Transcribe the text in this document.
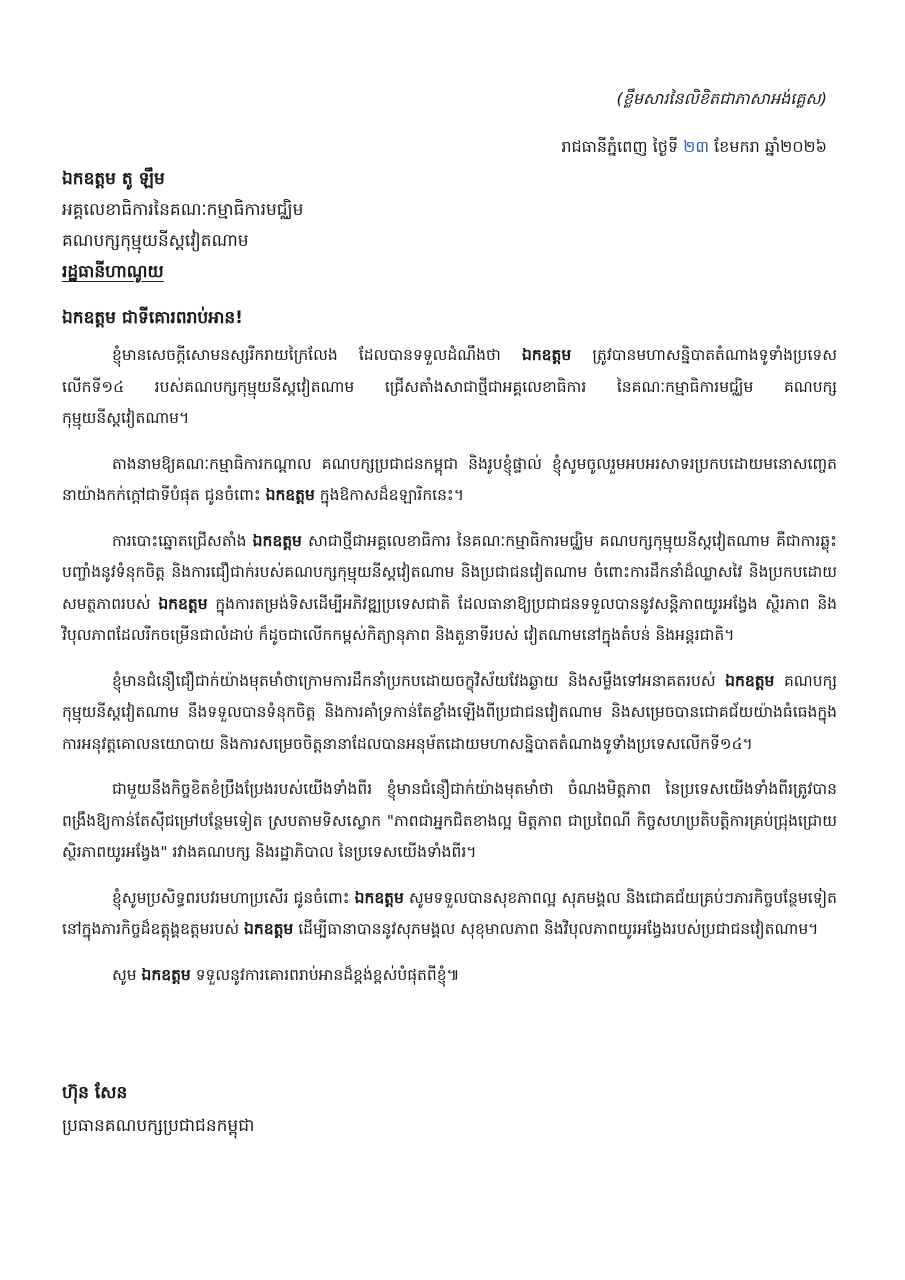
(ខ្លឹមសារនៃលិខិតជាភាសាអង់គ្លេស)
រាជធានីភ្នំពេញ ថ្ងៃទី ២៣ ខែមករា ឆ្នាំ២០២៦
ឯកឧត្តម តូ ឡឹម
អគ្គលេខាធិការនៃគណៈកម្មាធិការមជ្ឈិម
គណបក្សកុម្មុយនីស្តវៀតណាម
រដ្ឋធានីហាណូយ
ឯកឧត្តម ជាទីគោរពរាប់អាន!

ខ្ញុំមានសេចក្តីសោមនស្សរីករាយក្រៃលែង ដែលបានទទួលដំណឹងថា ឯកឧត្តម ត្រូវបានមហាសន្និបាតតំណាងទូទាំងប្រទេសលើកទី១៤ របស់គណបក្សកុម្មុយនីស្តវៀតណាម ជ្រើសតាំងសាជាថ្មីជាអគ្គលេខាធិការ នៃគណៈកម្មាធិការមជ្ឈិម គណបក្សកុម្មុយនីស្តវៀតណាម។

តាងនាមឱ្យគណៈកម្មាធិការកណ្តាល គណបក្សប្រជាជនកម្ពុជា និងរូបខ្ញុំផ្ទាល់ ខ្ញុំសូមចូលរួមអបអរសាទរប្រកបដោយមនោសញ្ចេតនាយ៉ាងកក់ក្តៅជាទីបំផុត ជូនចំពោះ ឯកឧត្តម ក្នុងឱកាសដ៏ឧឡារិកនេះ។

ការបោះឆ្នោតជ្រើសតាំង ឯកឧត្តម សាជាថ្មីជាអគ្គលេខាធិការ នៃគណៈកម្មាធិការមជ្ឈិម គណបក្សកុម្មុយនីស្តវៀតណាម គឺជាការឆ្លុះបញ្ចាំងនូវទំនុកចិត្ត និងការជឿជាក់របស់គណបក្សកុម្មុយនីស្តវៀតណាម និងប្រជាជនវៀតណាម ចំពោះការដឹកនាំដ៏ឈ្លាសវៃ និងប្រកបដោយសមត្ថភាពរបស់ ឯកឧត្តម ក្នុងការតម្រង់ទិសដើម្បីអភិវឌ្ឍប្រទេសជាតិ ដែលធានាឱ្យប្រជាជនទទួលបាននូវសន្តិភាពយូរអង្វែង ស្ថិរភាព និងវិបុលភាពដែលរីកចម្រើនជាលំដាប់ ក៏ដូចជាលើកកម្ពស់កិត្យានុភាព និងតួនាទីរបស់ វៀតណាមនៅក្នុងតំបន់ និងអន្តរជាតិ។

ខ្ញុំមានជំនឿជឿជាក់យ៉ាងមុតមាំថាក្រោមការដឹកនាំប្រកបដោយចក្ខុវិស័យវែងឆ្ងាយ និងសម្លឹងទៅអនាគតរបស់ ឯកឧត្តម គណបក្សកុម្មុយនីស្តវៀតណាម នឹងទទួលបានទំនុកចិត្ត និងការគាំទ្រកាន់តែខ្លាំងឡើងពីប្រជាជនវៀតណាម និងសម្រេចបានជោគជ័យយ៉ាងធំធេងក្នុងការអនុវត្តគោលនយោបាយ និងការសម្រេចចិត្តនានាដែលបានអនុម័តដោយមហាសន្និបាតតំណាងទូទាំងប្រទេសលើកទី១៤។

ជាមួយនឹងកិច្ចខិតខំប្រឹងប្រែងរបស់យើងទាំងពីរ ខ្ញុំមានជំនឿជាក់យ៉ាងមុតមាំថា ចំណងមិត្តភាព នៃប្រទេសយើងទាំងពីរត្រូវបានពង្រឹងឱ្យកាន់តែស៊ីជម្រៅបន្ថែមទៀត ស្របតាមទិសស្លោក "ភាពជាអ្នកជិតខាងល្អ មិត្តភាព ជាប្រពៃណី កិច្ចសហប្រតិបត្តិការគ្រប់ជ្រុងជ្រោយ ស្ថិរភាពយូរអង្វែង" រវាងគណបក្ស និងរដ្ឋាភិបាល នៃប្រទេសយើងទាំងពីរ។

ខ្ញុំសូមប្រសិទ្ធពរបវរមហាប្រសើរ ជូនចំពោះ ឯកឧត្តម សូមទទួលបានសុខភាពល្អ សុភមង្គល និងជោគជ័យគ្រប់ៗភារកិច្ចបន្ថែមទៀតនៅក្នុងភារកិច្ចដ៏ឧត្តុង្គឧត្តមរបស់ ឯកឧត្តម ដើម្បីធានាបាននូវសុភមង្គល សុខុមាលភាព និងវិបុលភាពយូរអង្វែងរបស់ប្រជាជនវៀតណាម។

សូម ឯកឧត្តម ទទួលនូវការគោរពរាប់អានដ៏ខ្ពង់ខ្ពស់បំផុតពីខ្ញុំ៕

ហ៊ុន សែន
ប្រធានគណបក្សប្រជាជនកម្ពុជា
